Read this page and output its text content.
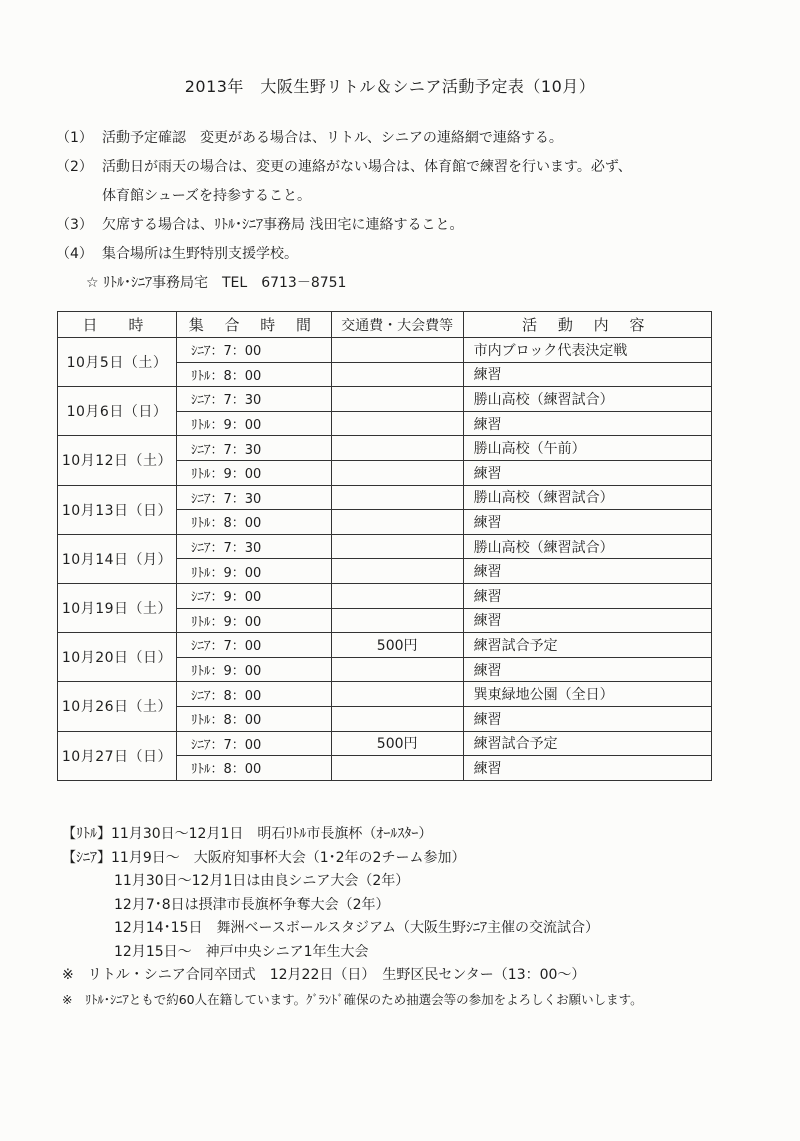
2013年　大阪生野リトル＆シニア活動予定表（10月）
（1） 活動予定確認　変更がある場合は、リトル、シニアの連絡網で連絡する。
（2） 活動日が雨天の場合は、変更の連絡がない場合は、体育館で練習を行います。必ず、
体育館シューズを持参すること。
（3） 欠席する場合は、ﾘﾄﾙ･ｼﾆｱ事務局 浅田宅に連絡すること。
（4） 集合場所は生野特別支援学校。
☆ ﾘﾄﾙ･ｼﾆｱ事務局宅　TEL　6713－8751
日　時	集 合 時 間	交通費・大会費等	活 動 内 容
10月5日（土）	ｼﾆｱ：7：00		市内ブロック代表決定戦
	ﾘﾄﾙ：8：00		練習
10月6日（日）	ｼﾆｱ：7：30		勝山高校（練習試合）
	ﾘﾄﾙ：9：00		練習
10月12日（土）	ｼﾆｱ：7：30		勝山高校（午前）
	ﾘﾄﾙ：9：00		練習
10月13日（日）	ｼﾆｱ：7：30		勝山高校（練習試合）
	ﾘﾄﾙ：8：00		練習
10月14日（月）	ｼﾆｱ：7：30		勝山高校（練習試合）
	ﾘﾄﾙ：9：00		練習
10月19日（土）	ｼﾆｱ：9：00		練習
	ﾘﾄﾙ：9：00		練習
10月20日（日）	ｼﾆｱ：7：00	500円	練習試合予定
	ﾘﾄﾙ：9：00		練習
10月26日（土）	ｼﾆｱ：8：00		巽東緑地公園（全日）
	ﾘﾄﾙ：8：00		練習
10月27日（日）	ｼﾆｱ：7：00	500円	練習試合予定
	ﾘﾄﾙ：8：00		練習
【ﾘﾄﾙ】11月30日～12月1日　明石ﾘﾄﾙ市長旗杯（ｵｰﾙｽﾀｰ）
【ｼﾆｱ】11月9日～　大阪府知事杯大会（1･2年の2チーム参加）
11月30日～12月1日は由良シニア大会（2年）
12月7･8日は摂津市長旗杯争奪大会（2年）
12月14･15日　舞洲ベースボールスタジアム（大阪生野ｼﾆｱ主催の交流試合）
12月15日～　神戸中央シニア1年生大会
※　リトル・シニア合同卒団式　12月22日（日）　生野区民センター（13：00～）
※　ﾘﾄﾙ･ｼﾆｱともで約60人在籍しています。ｸﾞﾗﾝﾄﾞ確保のため抽選会等の参加をよろしくお願いします。
